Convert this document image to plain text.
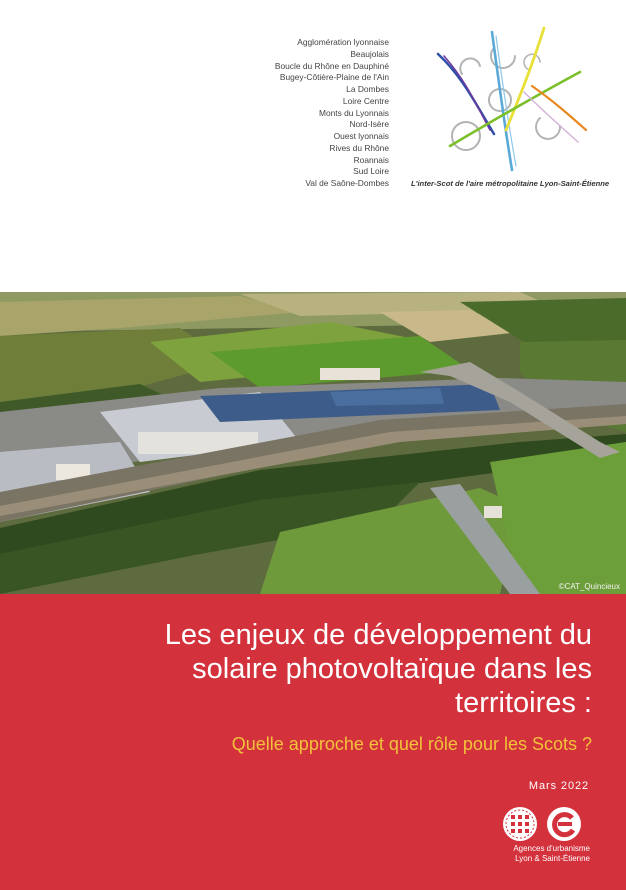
Agglomération lyonnaise
Beaujolais
Boucle du Rhône en Dauphiné
Bugey-Côtière-Plaine de l'Ain
La Dombes
Loire Centre
Monts du Lyonnais
Nord-Isère
Ouest lyonnais
Rives du Rhône
Roannais
Sud Loire
Val de Saône-Dombes	L'inter-Scot de l'aire métropolitaine Lyon-Saint-Étienne
©CAT_Quincieux
Les enjeux de développement du
solaire photovoltaïque dans les
territoires :

Quelle approche et quel rôle pour les Scots ?

Mars 2022
Agences d'urbanisme
Lyon & Saint-Étienne
